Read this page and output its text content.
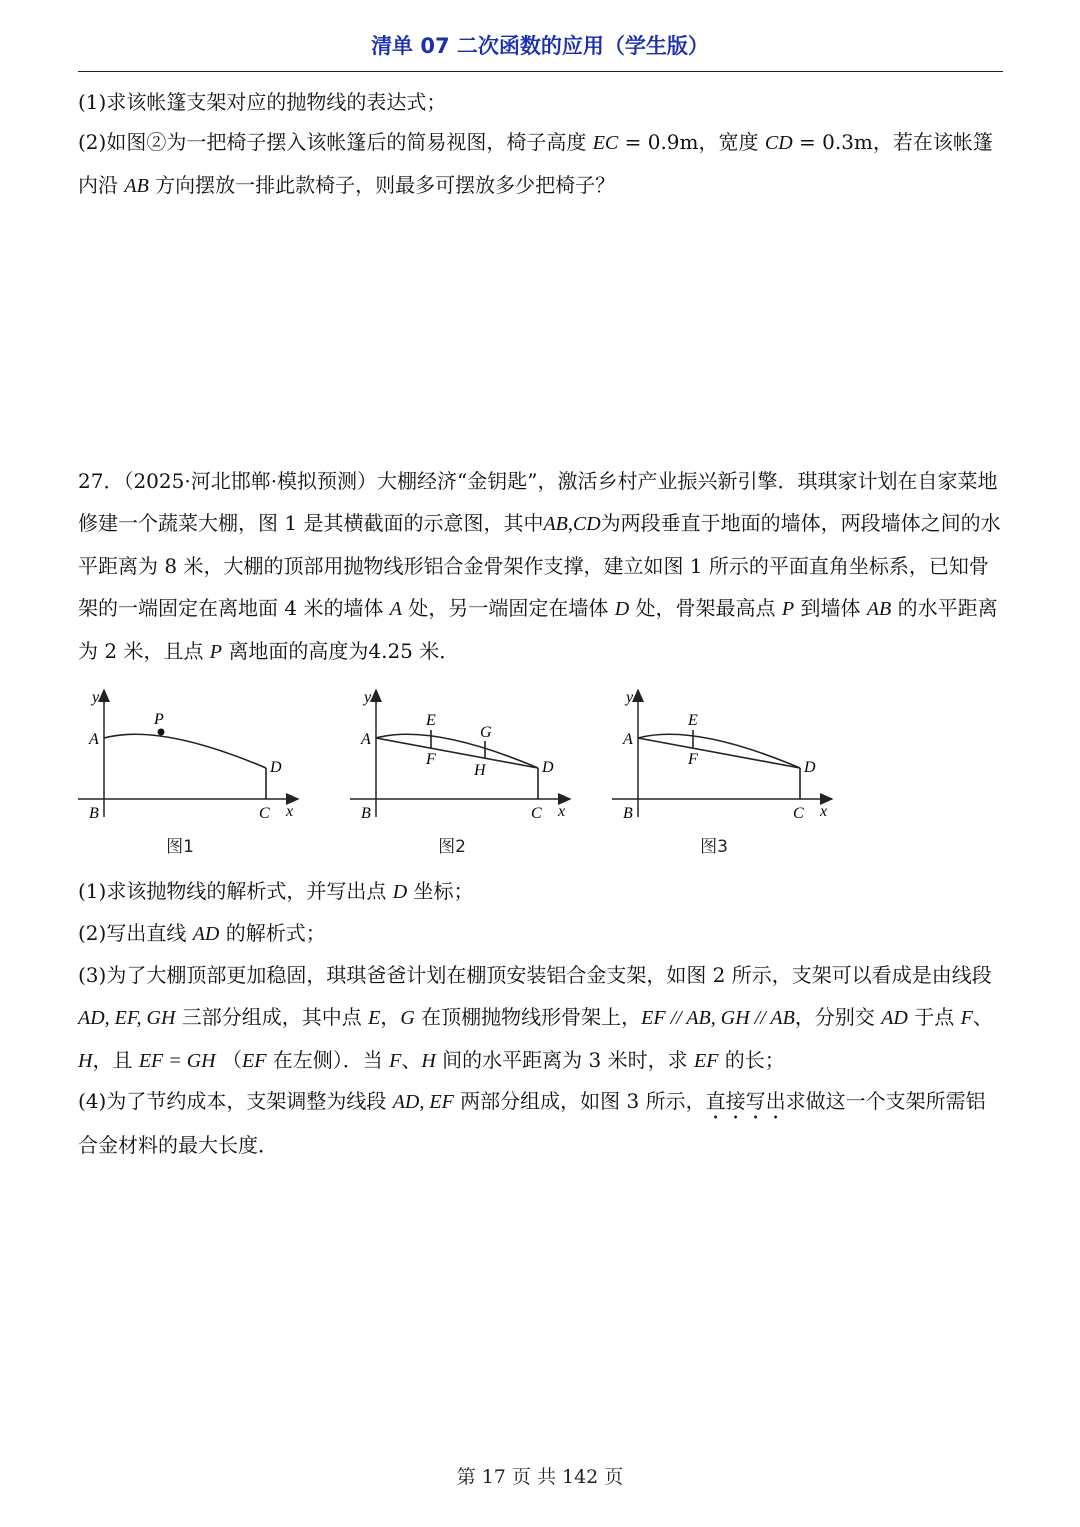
清单 07 二次函数的应用（学生版）

(1)求该帐篷支架对应的抛物线的表达式；

(2)如图②为一把椅子摆入该帐篷后的简易视图，椅子高度 EC = 0.9m，宽度 CD = 0.3m，若在该帐篷内沿 AB 方向摆放一排此款椅子，则最多可摆放多少把椅子？

27．（2025·河北邯郸·模拟预测）大棚经济“金钥匙”，激活乡村产业振兴新引擎．琪琪家计划在自家菜地修建一个蔬菜大棚，图 1 是其横截面的示意图，其中AB,CD为两段垂直于地面的墙体，两段墙体之间的水平距离为 8 米，大棚的顶部用抛物线形铝合金骨架作支撑，建立如图 1 所示的平面直角坐标系，已知骨架的一端固定在离地面 4 米的墙体 A 处，另一端固定在墙体 D 处，骨架最高点 P 到墙体 AB 的水平距离为 2 米，且点 P 离地面的高度为4.25 米．

y
x
A
B	C
D
P
图1
y
x
A
B	C
D
E
F
G
H
图2
y
x
A
B	C
D
E
F
图3

(1)求该抛物线的解析式，并写出点 D 坐标；

(2)写出直线 AD 的解析式；

(3)为了大棚顶部更加稳固，琪琪爸爸计划在棚顶安装铝合金支架，如图 2 所示，支架可以看成是由线段 AD, EF, GH 三部分组成，其中点 E，G 在顶棚抛物线形骨架上，EF // AB, GH // AB，分别交 AD 于点 F、H，且 EF = GH （EF 在左侧）．当 F、H 间的水平距离为 3 米时，求 EF 的长；

(4)为了节约成本，支架调整为线段 AD, EF 两部分组成，如图 3 所示，直接写出求做这一个支架所需铝合金材料的最大长度．

第 17 页 共 142 页
